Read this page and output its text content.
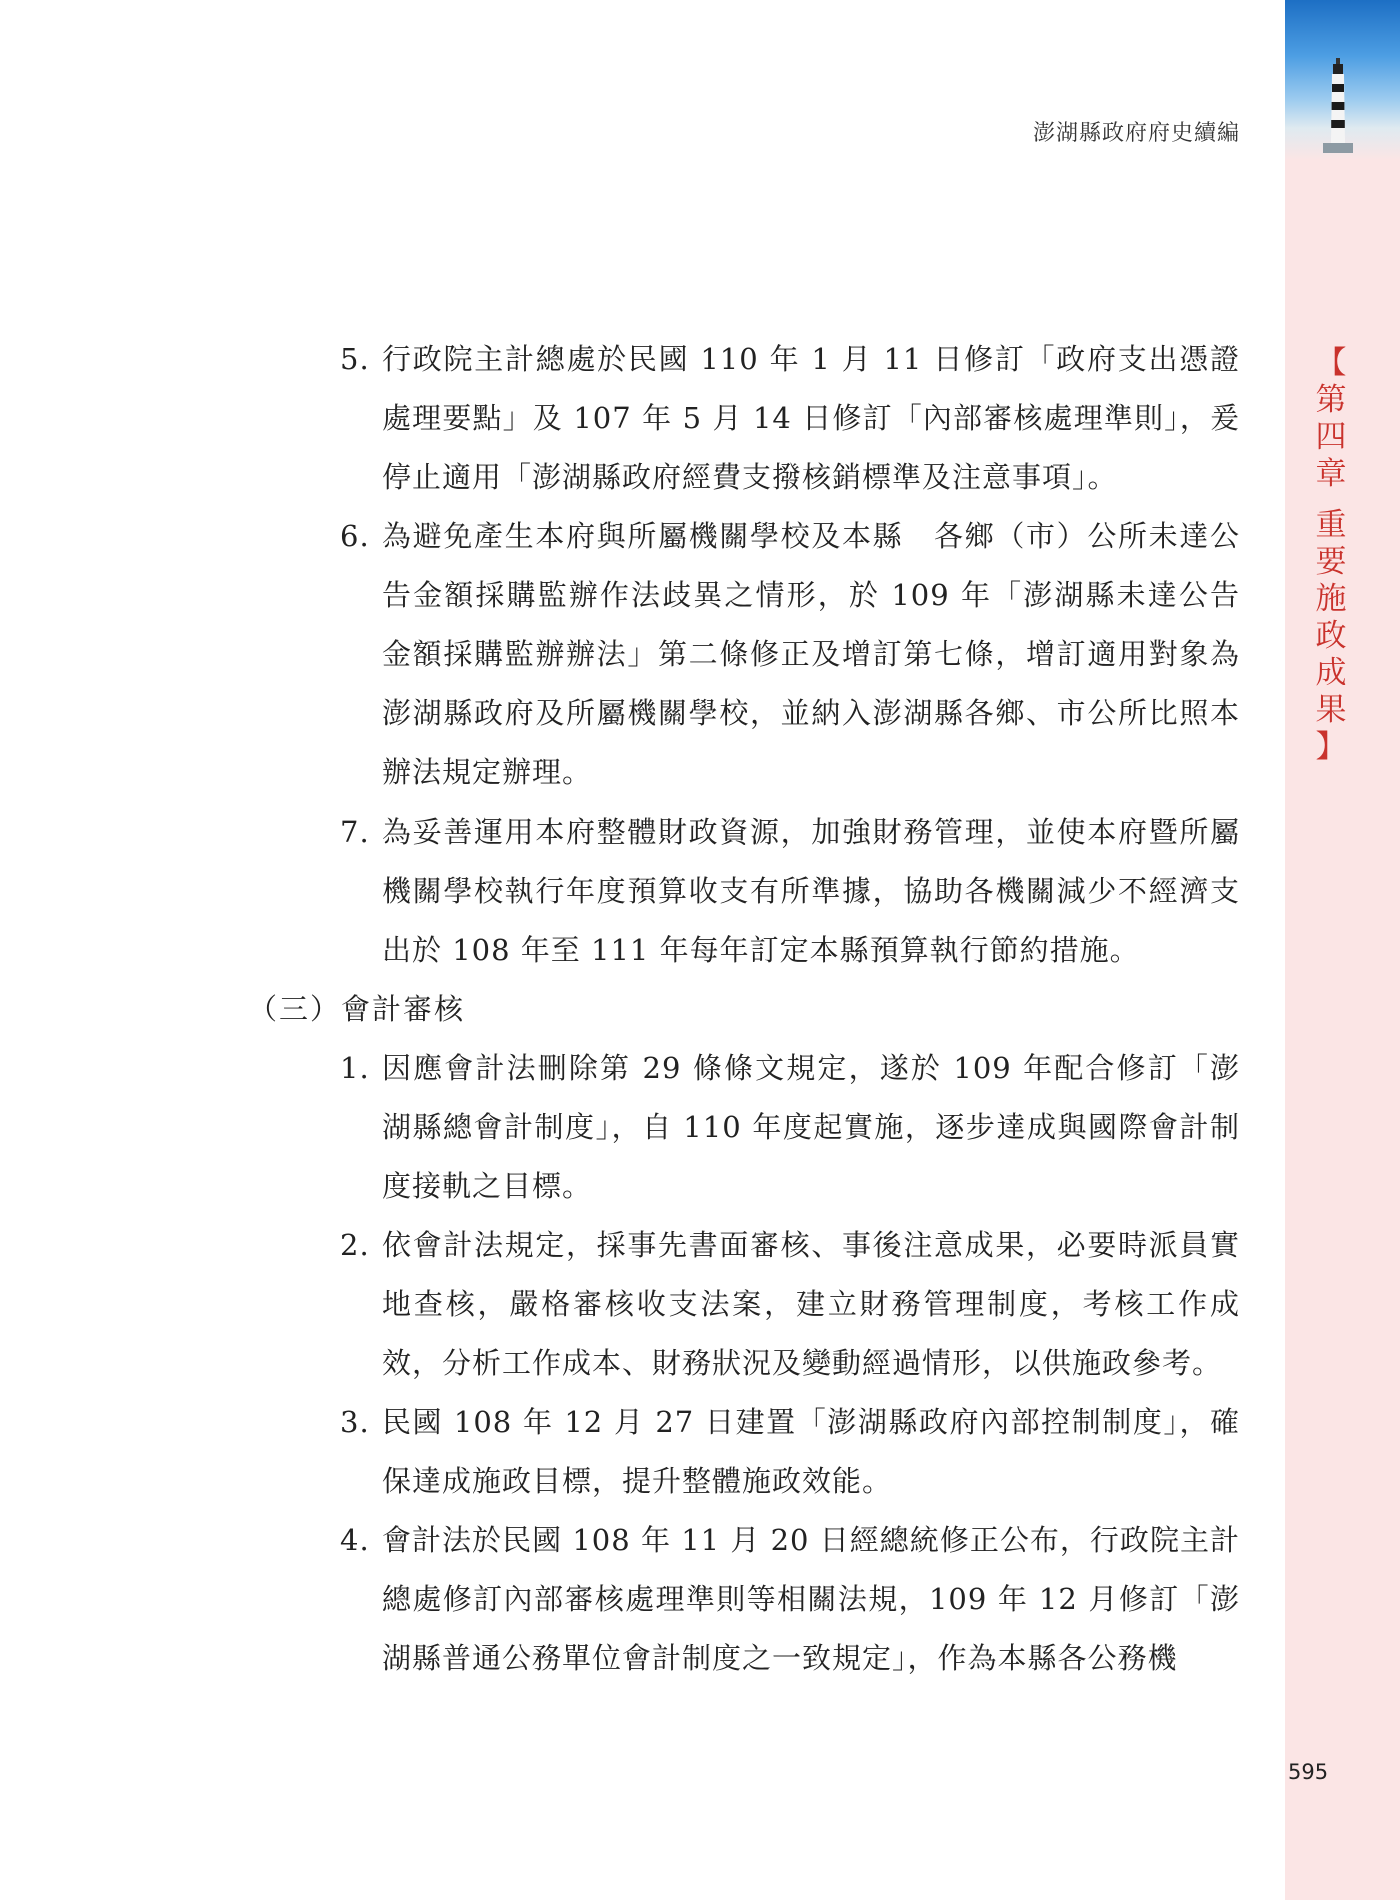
【
第
四
章
重
要
施
政
成
果
】
澎湖縣政府府史續編
5. 行政院主計總處於民國 110 年 1 月 11 日修訂「政府支出憑證處理要點」及 107 年 5 月 14 日修訂「內部審核處理準則」，爰停止適用「澎湖縣政府經費支撥核銷標準及注意事項」。
6. 為避免產生本府與所屬機關學校及本縣　各鄉（市）公所未達公告金額採購監辦作法歧異之情形，於 109 年「澎湖縣未達公告金額採購監辦辦法」第二條修正及增訂第七條，增訂適用對象為澎湖縣政府及所屬機關學校，並納入澎湖縣各鄉、市公所比照本辦法規定辦理。
7. 為妥善運用本府整體財政資源，加強財務管理，並使本府暨所屬機關學校執行年度預算收支有所準據，協助各機關減少不經濟支出於 108 年至 111 年每年訂定本縣預算執行節約措施。
（三）會計審核
1. 因應會計法刪除第 29 條條文規定，遂於 109 年配合修訂「澎湖縣總會計制度」，自 110 年度起實施，逐步達成與國際會計制度接軌之目標。
2. 依會計法規定，採事先書面審核、事後注意成果，必要時派員實地查核，嚴格審核收支法案，建立財務管理制度，考核工作成效，分析工作成本、財務狀況及變動經過情形，以供施政參考。
3. 民國 108 年 12 月 27 日建置「澎湖縣政府內部控制制度」，確保達成施政目標，提升整體施政效能。
4. 會計法於民國 108 年 11 月 20 日經總統修正公布，行政院主計總處修訂內部審核處理準則等相關法規，109 年 12 月修訂「澎湖縣普通公務單位會計制度之一致規定」，作為本縣各公務機
595
